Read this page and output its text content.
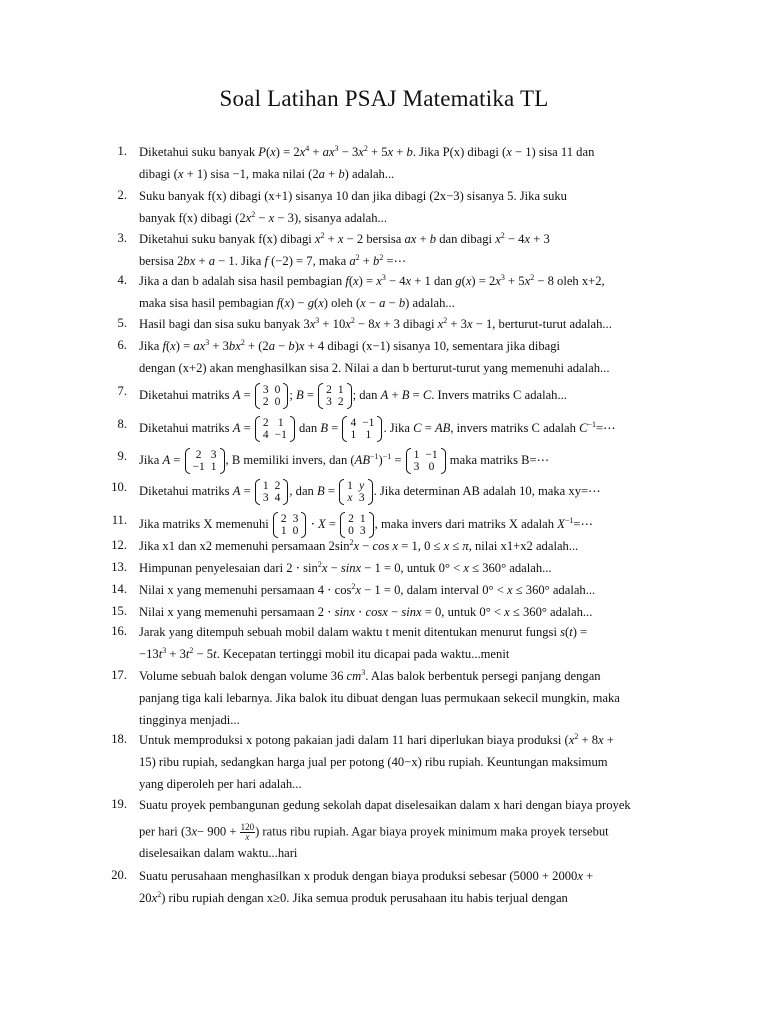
Soal Latihan PSAJ Matematika TL
1. Diketahui suku banyak $P(x) = 2x^4 + ax^3 - 3x^2 + 5x + b$. Jika P(x) dibagi (x − 1) sisa 11 dan
dibagi (x + 1) sisa −1, maka nilai (2a + b) adalah...
2. Suku banyak f(x) dibagi (x+1) sisanya 10 dan jika dibagi (2x−3) sisanya 5. Jika suku
banyak f(x) dibagi $(2x^2 - x - 3)$, sisanya adalah...
3. Diketahui suku banyak f(x) dibagi $x^2 + x - 2$ bersisa ax + b dan dibagi $x^2 - 4x + 3$
bersisa 2bx + a − 1. Jika f (−2) = 7, maka $a^2 + b^2$ =⋯
4. Jika a dan b adalah sisa hasil pembagian $f(x) = x^3 - 4x + 1$ dan $g(x) = 2x^3 + 5x^2 - 8$ oleh x+2,
maka sisa hasil pembagian f(x) − g(x) oleh (x − a − b) adalah...
5. Hasil bagi dan sisa suku banyak $3x^3 + 10x^2 - 8x + 3$ dibagi $x^2 + 3x - 1$, berturut-turut adalah...
6. Jika $f(x) = ax^3 + 3bx^2 + (2a - b)x + 4$ dibagi (x−1) sisanya 10, sementara jika dibagi
dengan (x+2) akan menghasilkan sisa 2. Nilai a dan b berturut-turut yang memenuhi adalah...
7. Diketahui matriks A = 3	0
2	0
; B = 2	1
3	2
; dan A + B = C. Invers matriks C adalah...
8. Diketahui matriks A = 2	1
4	−1
dan B = 4	−1
1	1
. Jika C = AB, invers matriks C adalah $C^{-1}=\cdots$
9. Jika A = 2	3
−1	1
, B memiliki invers, dan $(AB^{-1})^{-1} = 1$	−1
3	0
maka matriks B=⋯
10. Diketahui matriks A = 1	2
3	4
, dan B = 1	y
x	3
. Jika determinan AB adalah 10, maka xy=⋯
11. Jika matriks X memenuhi 2	3
1	0
⋅ X = 2	1
0	3
, maka invers dari matriks X adalah $X^{-1}=\cdots$
12. Jika x1 dan x2 memenuhi persamaan $2\sin^2x - \cos x = 1$, 0 ≤ x ≤ π, nilai x1+x2 adalah...
13. Himpunan penyelesaian dari $2 \cdot \sin^2x - \sin x - 1 = 0$, untuk 0° < x ≤ 360° adalah...
14. Nilai x yang memenuhi persamaan $4 \cdot \cos^2x - 1 = 0$, dalam interval 0° < x ≤ 360° adalah...
15. Nilai x yang memenuhi persamaan 2 ⋅ sinx ⋅ cosx − sinx = 0, untuk 0° < x ≤ 360° adalah...
16. Jarak yang ditempuh sebuah mobil dalam waktu t menit ditentukan menurut fungsi s(t) =
$-13t^3 + 3t^2 - 5t$. Kecepatan tertinggi mobil itu dicapai pada waktu...menit
17. Volume sebuah balok dengan volume 36 $cm^3$. Alas balok berbentuk persegi panjang dengan
panjang tiga kali lebarnya. Jika balok itu dibuat dengan luas permukaan sekecil mungkin, maka
tingginya menjadi...
18. Untuk memproduksi x potong pakaian jadi dalam 11 hari diperlukan biaya produksi ($x^2 + 8x$ +
15) ribu rupiah, sedangkan harga jual per potong (40−x) ribu rupiah. Keuntungan maksimum
yang diperoleh per hari adalah...
19. Suatu proyek pembangunan gedung sekolah dapat diselesaikan dalam x hari dengan biaya proyek
per hari ($3x- 900 + \frac{120}{x}$ ) ratus ribu rupiah. Agar biaya proyek minimum maka proyek tersebut
diselesaikan dalam waktu...hari
20. Suatu perusahaan menghasilkan x produk dengan biaya produksi sebesar (5000 + 2000x +
$20x^2$) ribu rupiah dengan x≥0. Jika semua produk perusahaan itu habis terjual dengan
